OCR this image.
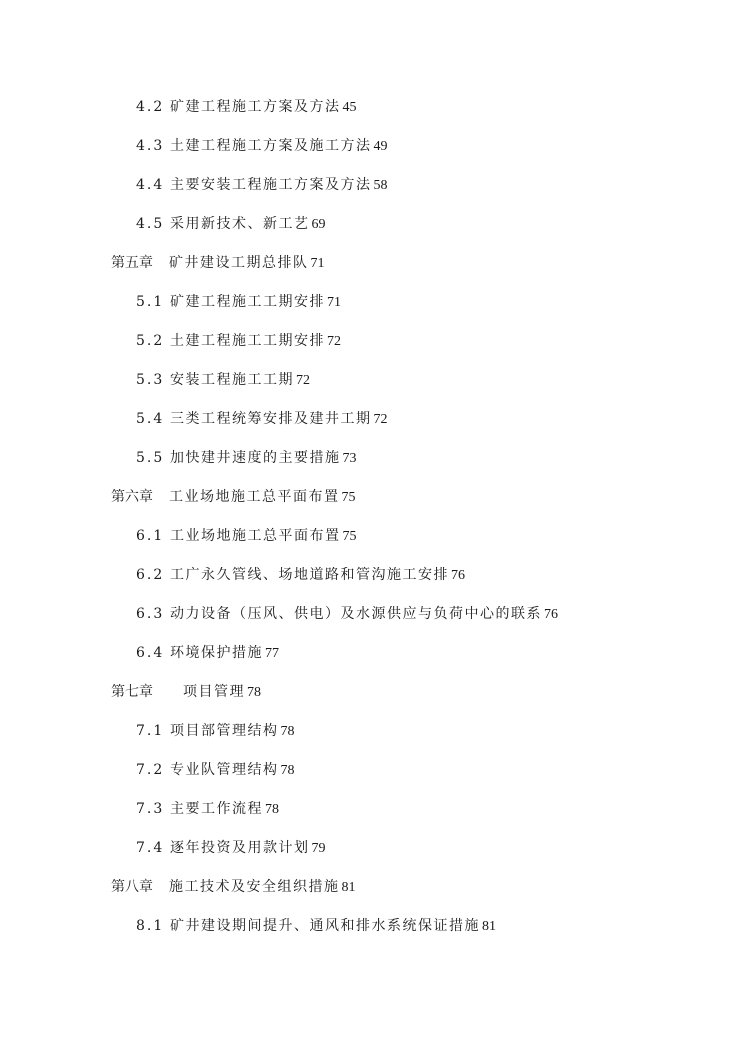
4.2 矿建工程施工方案及方法 45
4.3 土建工程施工方案及施工方法 49
4.4 主要安装工程施工方案及方法 58
4.5 采用新技术、新工艺 69
第五章 矿井建设工期总排队 71
5.1 矿建工程施工工期安排 71
5.2 土建工程施工工期安排 72
5.3 安装工程施工工期 72
5.4 三类工程统筹安排及建井工期 72
5.5 加快建井速度的主要措施 73
第六章 工业场地施工总平面布置 75
6.1 工业场地施工总平面布置 75
6.2 工广永久管线、场地道路和管沟施工安排 76
6.3 动力设备（压风、供电）及水源供应与负荷中心的联系 76
6.4 环境保护措施 77
第七章 项目管理 78
7.1 项目部管理结构 78
7.2 专业队管理结构 78
7.3 主要工作流程 78
7.4 逐年投资及用款计划 79
第八章 施工技术及安全组织措施 81
8.1 矿井建设期间提升、通风和排水系统保证措施 81
